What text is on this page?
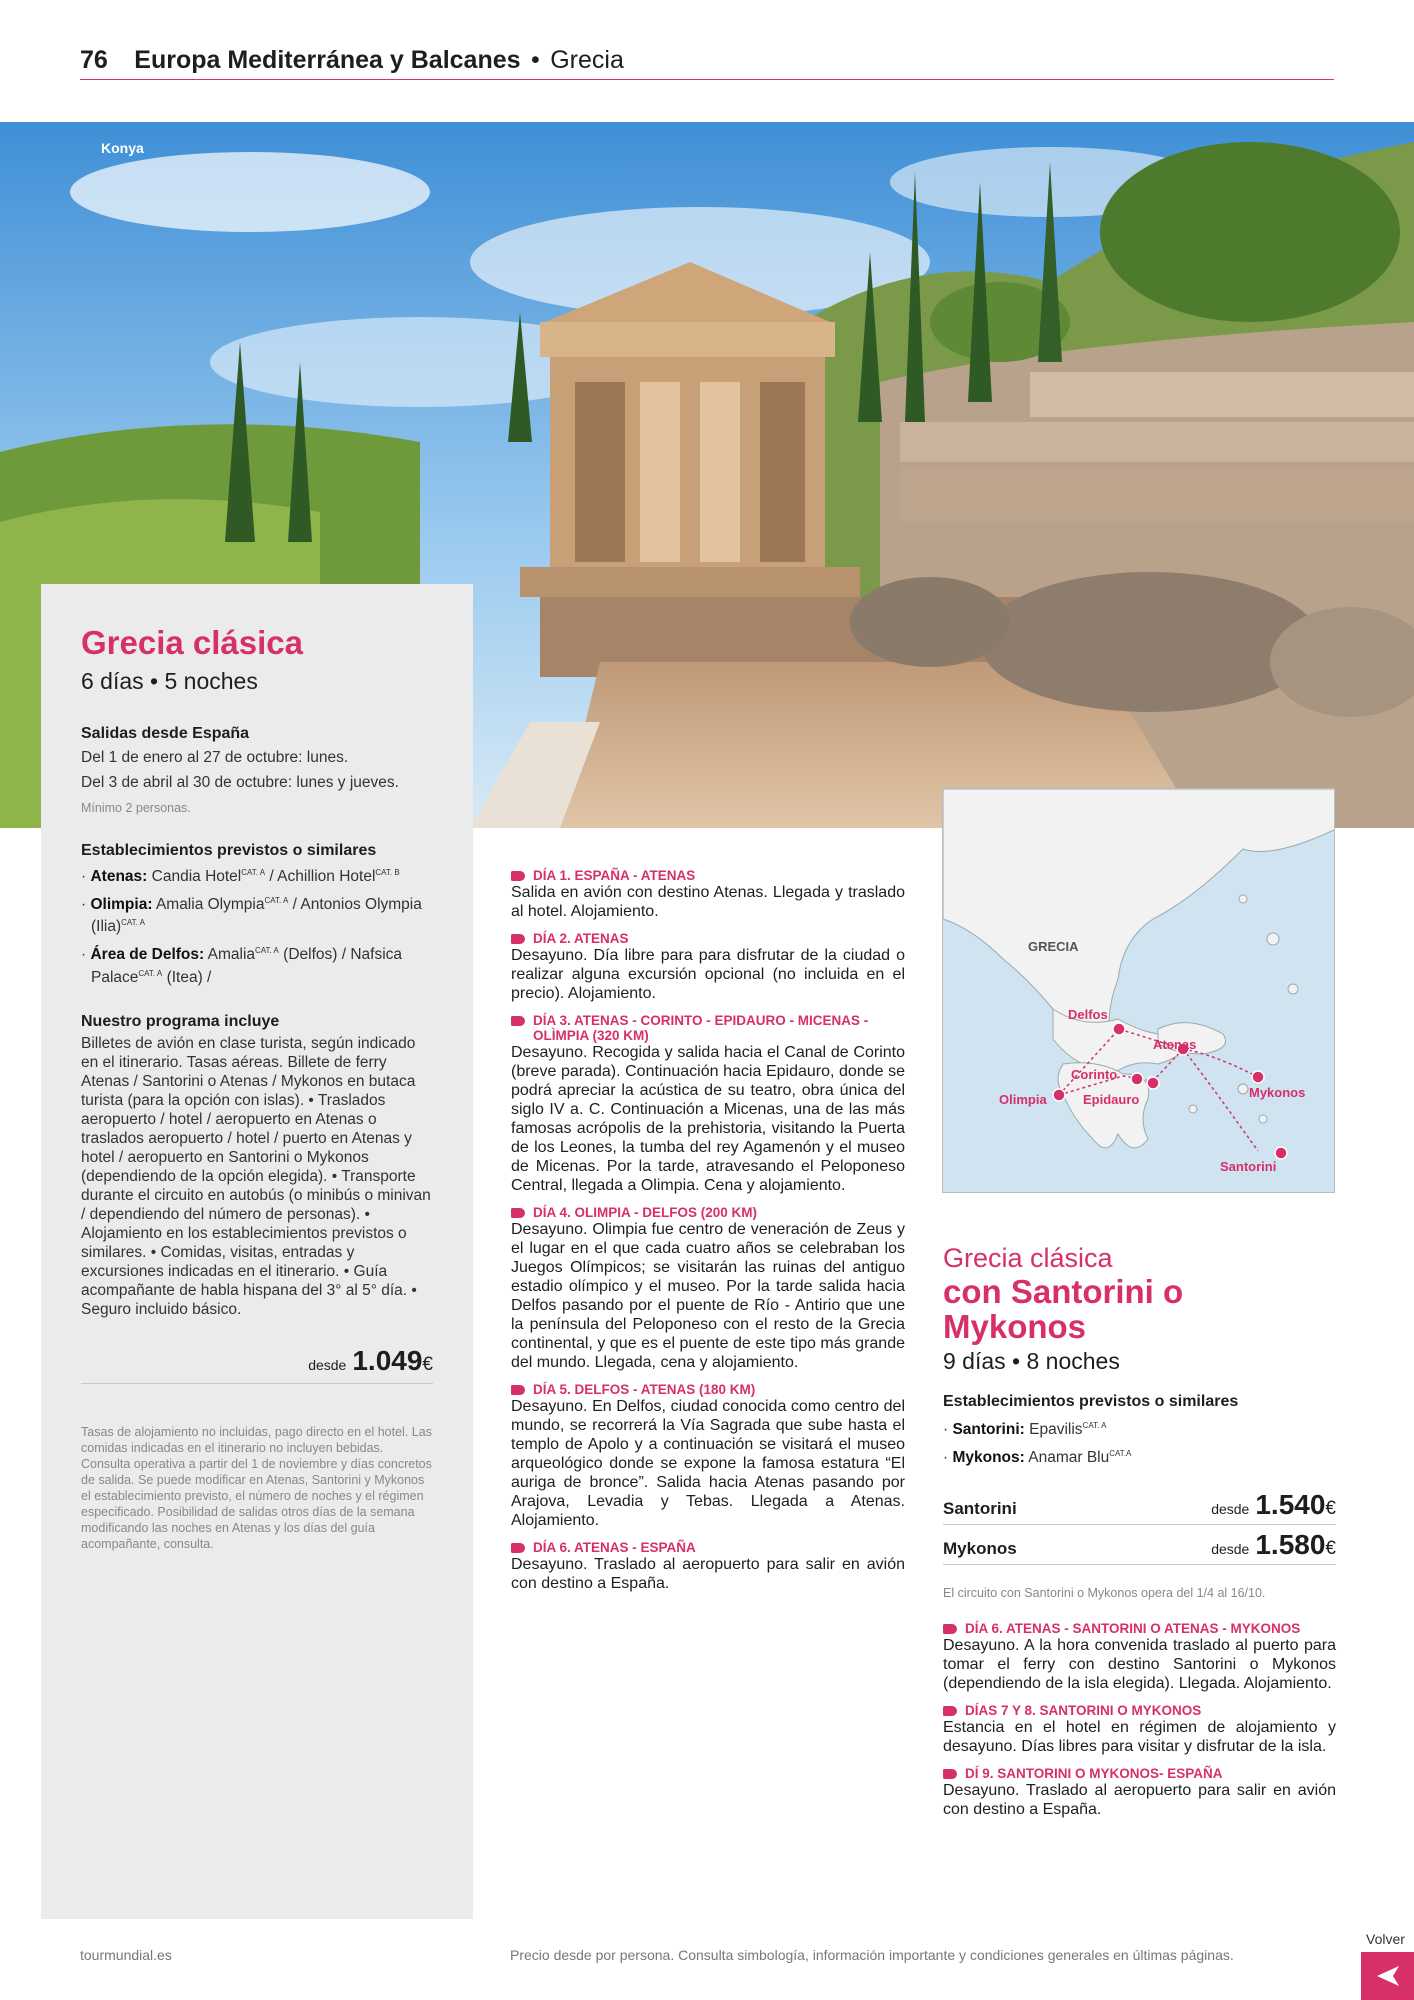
76 Europa Mediterránea y Balcanes • Grecia
Konya
Grecia clásica
6 días • 5 noches
Salidas desde España
Del 1 de enero al 27 de octubre: lunes.
Del 3 de abril al 30 de octubre: lunes y jueves.
Mínimo 2 personas.
Establecimientos previstos o similares
· Atenas: Candia Hotel$^{CAT. A}$ / Achillion Hotel$^{CAT. B}$
· Olimpia: Amalia Olympia$^{CAT. A}$ / Antonios Olympia (Ilia)$^{CAT. A}$
· Área de Delfos: Amalia$^{CAT. A}$ (Delfos) / Nafsica Palace$^{CAT. A}$ (Itea) /
Nuestro programa incluye
Billetes de avión en clase turista, según indicado en el itinerario. Tasas aéreas. Billete de ferry Atenas / Santorini o Atenas / Mykonos en butaca turista (para la opción con islas). • Traslados aeropuerto / hotel / aeropuerto en Atenas o traslados aeropuerto / hotel / puerto en Atenas y hotel / aeropuerto en Santorini o Mykonos (dependiendo de la opción elegida). • Transporte durante el circuito en autobús (o minibús o minivan / dependiendo del número de personas). • Alojamiento en los establecimientos previstos o similares. • Comidas, visitas, entradas y excursiones indicadas en el itinerario. • Guía acompañante de habla hispana del 3° al 5° día. • Seguro incluido básico.
desde 1.049€
Tasas de alojamiento no incluidas, pago directo en el hotel. Las comidas indicadas en el itinerario no incluyen bebidas. Consulta operativa a partir del 1 de noviembre y días concretos de salida. Se puede modificar en Atenas, Santorini y Mykonos el establecimiento previsto, el número de noches y el régimen especificado. Posibilidad de salidas otros días de la semana modificando las noches en Atenas y los días del guía acompañante, consulta.
DÍA 1. ESPAÑA - ATENAS
Salida en avión con destino Atenas. Llegada y traslado al hotel. Alojamiento.
DÍA 2. ATENAS
Desayuno. Día libre para para disfrutar de la ciudad o realizar alguna excursión opcional (no incluida en el precio). Alojamiento.
DÍA 3. ATENAS - CORINTO - EPIDAURO - MICENAS - OLÌMPIA (320 KM)
Desayuno. Recogida y salida hacia el Canal de Corinto (breve parada). Continuación hacia Epidauro, donde se podrá apreciar la acústica de su teatro, obra única del siglo IV a. C. Continuación a Micenas, una de las más famosas acrópolis de la prehistoria, visitando la Puerta de los Leones, la tumba del rey Agamenón y el museo de Micenas. Por la tarde, atravesando el Peloponeso Central, llegada a Olimpia. Cena y alojamiento.
DÍA 4. OLIMPIA - DELFOS (200 KM)
Desayuno. Olimpia fue centro de veneración de Zeus y el lugar en el que cada cuatro años se celebraban los Juegos Olímpicos; se visitarán las ruinas del antiguo estadio olímpico y el museo. Por la tarde salida hacia Delfos pasando por el puente de Río - Antirio que une la península del Peloponeso con el resto de la Grecia continental, y que es el puente de este tipo más grande del mundo. Llegada, cena y alojamiento.
DÍA 5. DELFOS - ATENAS (180 KM)
Desayuno. En Delfos, ciudad conocida como centro del mundo, se recorrerá la Vía Sagrada que sube hasta el templo de Apolo y a continuación se visitará el museo arqueológico donde se expone la famosa estatura “El auriga de bronce”. Salida hacia Atenas pasando por Arajova, Levadia y Tebas. Llegada a Atenas. Alojamiento.
DÍA 6. ATENAS - ESPAÑA
Desayuno. Traslado al aeropuerto para salir en avión con destino a España.
GRECIA
Delfos
Atenas
Corinto
Olimpia	Epidauro	Mykonos
Santorini
Grecia clásica
con Santorini o
Mykonos
9 días • 8 noches
Establecimientos previstos o similares
· Santorini: Epavilis$^{CAT. A}$
· Mykonos: Anamar Blu$^{CAT.A}$
Santorini	desde 1.540 €
Mykonos	desde 1.580 €
El circuito con Santorini o Mykonos opera del 1/4 al 16/10.
DÍA 6. ATENAS - SANTORINI O ATENAS - MYKONOS
Desayuno. A la hora convenida traslado al puerto para tomar el ferry con destino Santorini o Mykonos (dependiendo de la isla elegida). Llegada. Alojamiento.
DÍAS 7 Y 8. SANTORINI O MYKONOS
Estancia en el hotel en régimen de alojamiento y desayuno. Días libres para visitar y disfrutar de la isla.
DÍ 9. SANTORINI O MYKONOS- ESPAÑA
Desayuno. Traslado al aeropuerto para salir en avión con destino a España.
tourmundial.es	Precio desde por persona. Consulta simbología, información importante y condiciones generales en últimas páginas.
Volver
